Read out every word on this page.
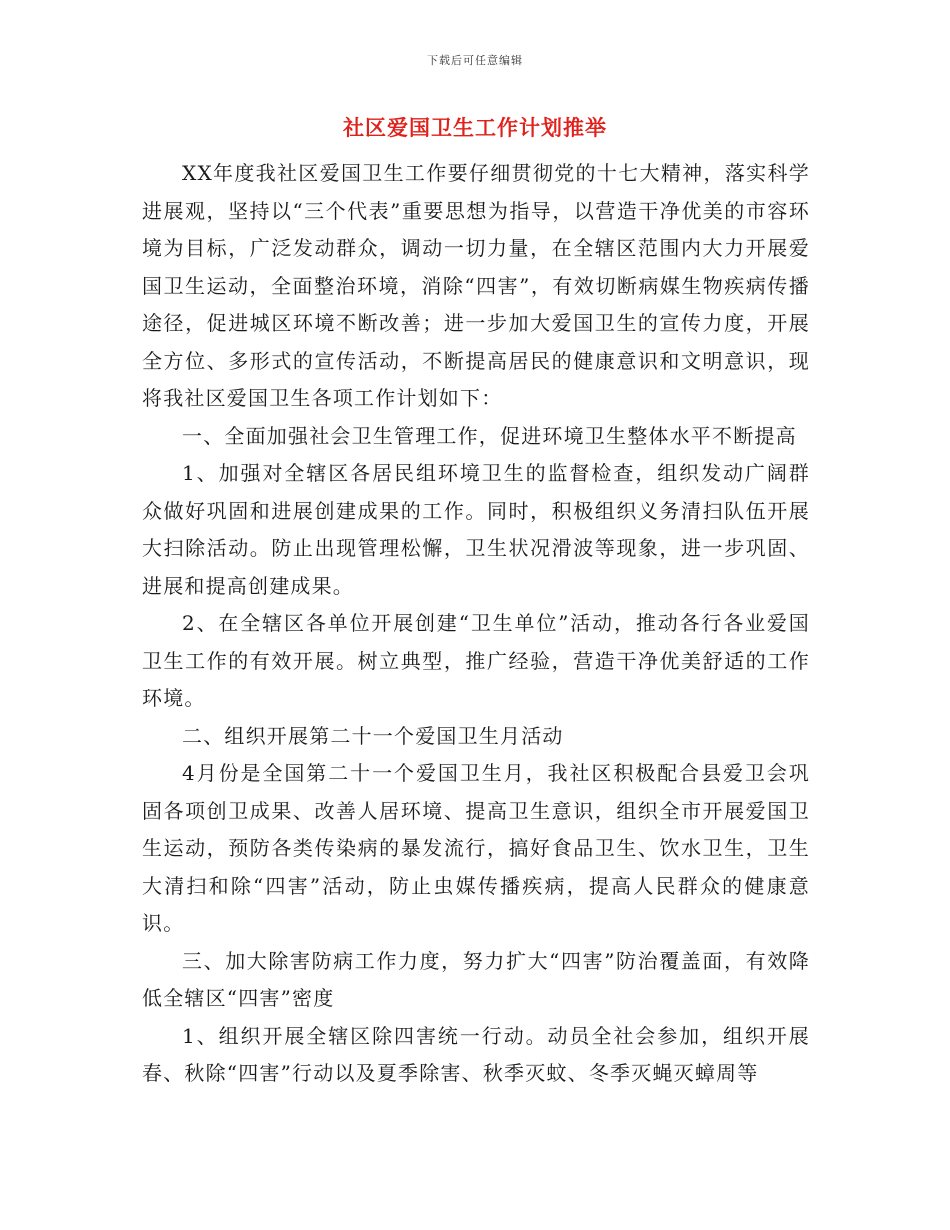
下载后可任意编辑
社区爱国卫生工作计划推举

XX年度我社区爱国卫生工作要仔细贯彻党的十七大精神，落实科学进展观，坚持以“三个代表”重要思想为指导，以营造干净优美的市容环境为目标，广泛发动群众，调动一切力量，在全辖区范围内大力开展爱国卫生运动，全面整治环境，消除“四害”，有效切断病媒生物疾病传播途径，促进城区环境不断改善；进一步加大爱国卫生的宣传力度，开展全方位、多形式的宣传活动，不断提高居民的健康意识和文明意识，现将我社区爱国卫生各项工作计划如下：

一、全面加强社会卫生管理工作，促进环境卫生整体水平不断提高

1、加强对全辖区各居民组环境卫生的监督检查，组织发动广阔群众做好巩固和进展创建成果的工作。同时，积极组织义务清扫队伍开展大扫除活动。防止出现管理松懈，卫生状况滑波等现象，进一步巩固、进展和提高创建成果。

2、在全辖区各单位开展创建“卫生单位”活动，推动各行各业爱国卫生工作的有效开展。树立典型，推广经验，营造干净优美舒适的工作环境。

二、组织开展第二十一个爱国卫生月活动

4月份是全国第二十一个爱国卫生月，我社区积极配合县爱卫会巩固各项创卫成果、改善人居环境、提高卫生意识，组织全市开展爱国卫生运动，预防各类传染病的暴发流行，搞好食品卫生、饮水卫生，卫生大清扫和除“四害”活动，防止虫媒传播疾病，提高人民群众的健康意识。

三、加大除害防病工作力度，努力扩大“四害”防治覆盖面，有效降低全辖区“四害”密度

1、组织开展全辖区除四害统一行动。动员全社会参加，组织开展春、秋除“四害”行动以及夏季除害、秋季灭蚊、冬季灭蝇灭蟑周等
